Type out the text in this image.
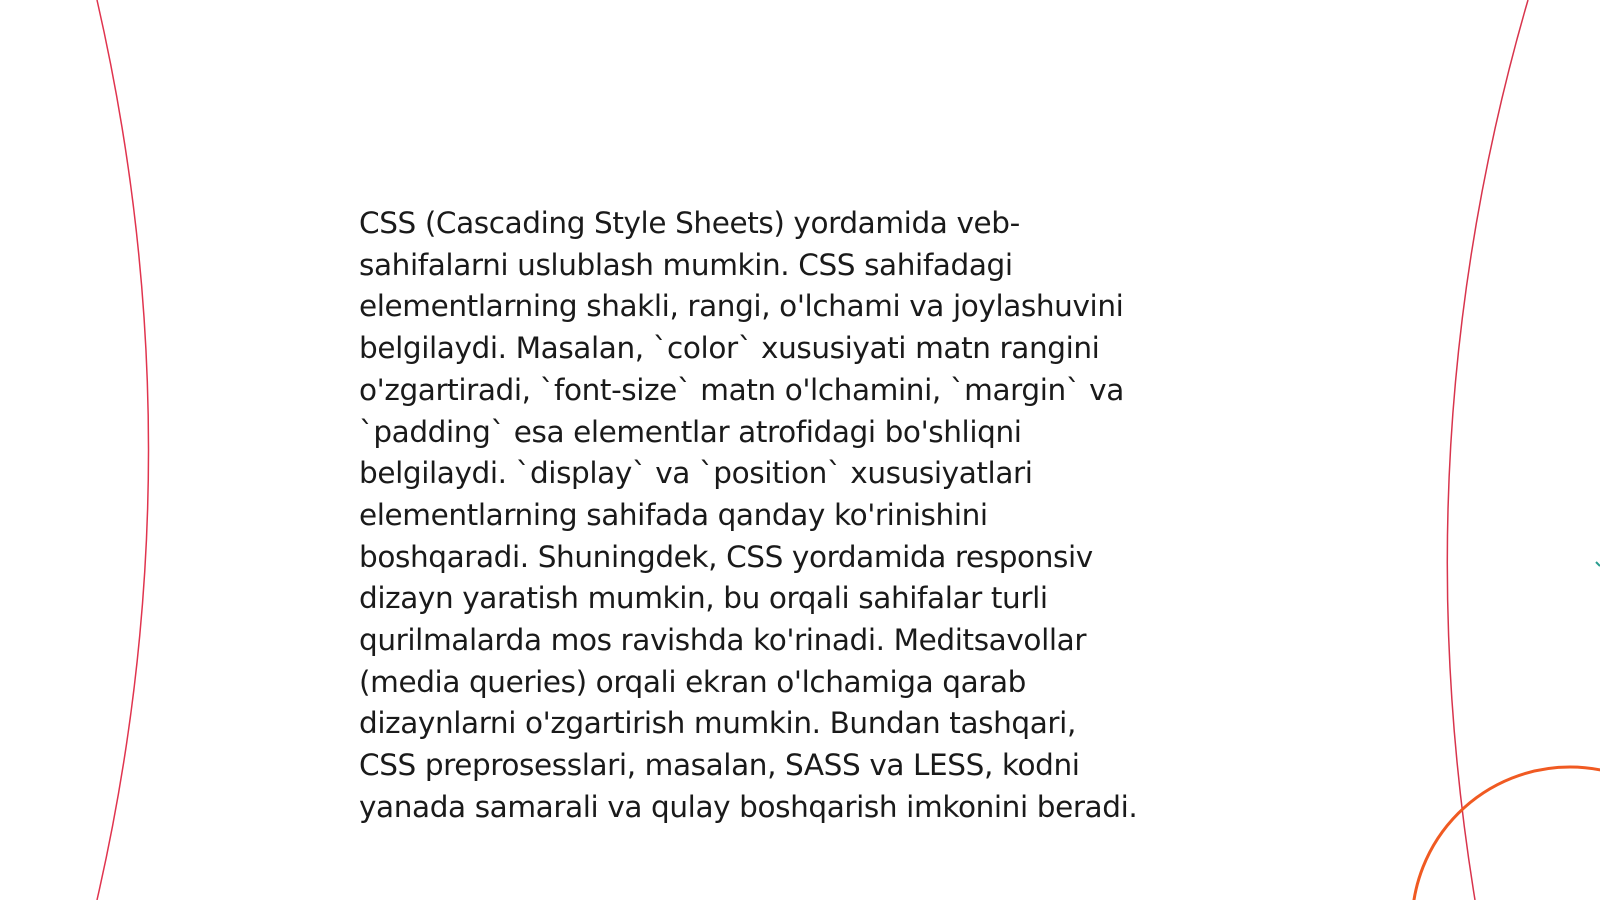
CSS (Cascading Style Sheets) yordamida veb-
sahifalarni uslublash mumkin. CSS sahifadagi
elementlarning shakli, rangi, o'lchami va joylashuvini
belgilaydi. Masalan, `color` xususiyati matn rangini
o'zgartiradi, `font-size` matn o'lchamini, `margin` va
`padding` esa elementlar atrofidagi bo'shliqni
belgilaydi. `display` va `position` xususiyatlari
elementlarning sahifada qanday ko'rinishini
boshqaradi. Shuningdek, CSS yordamida responsiv
dizayn yaratish mumkin, bu orqali sahifalar turli
qurilmalarda mos ravishda ko'rinadi. Meditsavollar
(media queries) orqali ekran o'lchamiga qarab
dizaynlarni o'zgartirish mumkin. Bundan tashqari,
CSS preprosesslari, masalan, SASS va LESS, kodni
yanada samarali va qulay boshqarish imkonini beradi.
